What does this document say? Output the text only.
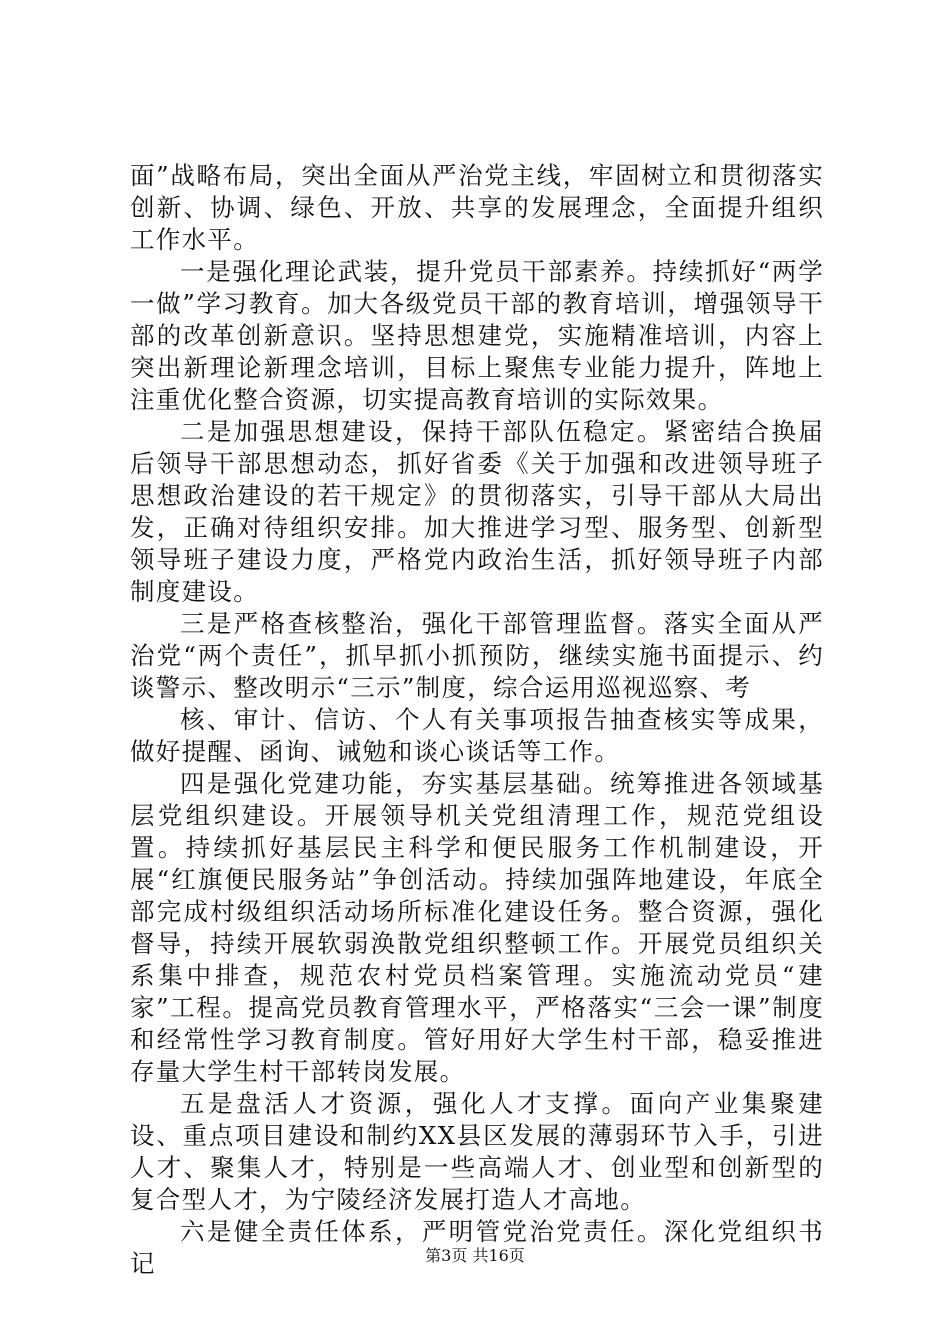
面”战略布局，突出全面从严治党主线，牢固树立和贯彻落实创新、协调、绿色、开放、共享的发展理念，全面提升组织工作水平。

一是强化理论武装，提升党员干部素养。持续抓好“两学一做”学习教育。加大各级党员干部的教育培训，增强领导干部的改革创新意识。坚持思想建党，实施精准培训，内容上突出新理论新理念培训，目标上聚焦专业能力提升，阵地上注重优化整合资源，切实提高教育培训的实际效果。

二是加强思想建设，保持干部队伍稳定。紧密结合换届后领导干部思想动态，抓好省委《关于加强和改进领导班子思想政治建设的若干规定》的贯彻落实，引导干部从大局出发，正确对待组织安排。加大推进学习型、服务型、创新型领导班子建设力度，严格党内政治生活，抓好领导班子内部制度建设。

三是严格查核整治，强化干部管理监督。落实全面从严治党“两个责任”，抓早抓小抓预防，继续实施书面提示、约谈警示、整改明示“三示”制度，综合运用巡视巡察、考

核、审计、信访、个人有关事项报告抽查核实等成果，做好提醒、函询、诫勉和谈心谈话等工作。

四是强化党建功能，夯实基层基础。统筹推进各领域基层党组织建设。开展领导机关党组清理工作，规范党组设置。持续抓好基层民主科学和便民服务工作机制建设，开展“红旗便民服务站”争创活动。持续加强阵地建设，年底全部完成村级组织活动场所标准化建设任务。整合资源，强化督导，持续开展软弱涣散党组织整顿工作。开展党员组织关系集中排查，规范农村党员档案管理。实施流动党员“建家”工程。提高党员教育管理水平，严格落实“三会一课”制度和经常性学习教育制度。管好用好大学生村干部，稳妥推进存量大学生村干部转岗发展。

五是盘活人才资源，强化人才支撑。面向产业集聚建设、重点项目建设和制约XX县区发展的薄弱环节入手，引进人才、聚集人才，特别是一些高端人才、创业型和创新型的复合型人才，为宁陵经济发展打造人才高地。

六是健全责任体系，严明管党治党责任。深化党组织书记	第3页 共16页
